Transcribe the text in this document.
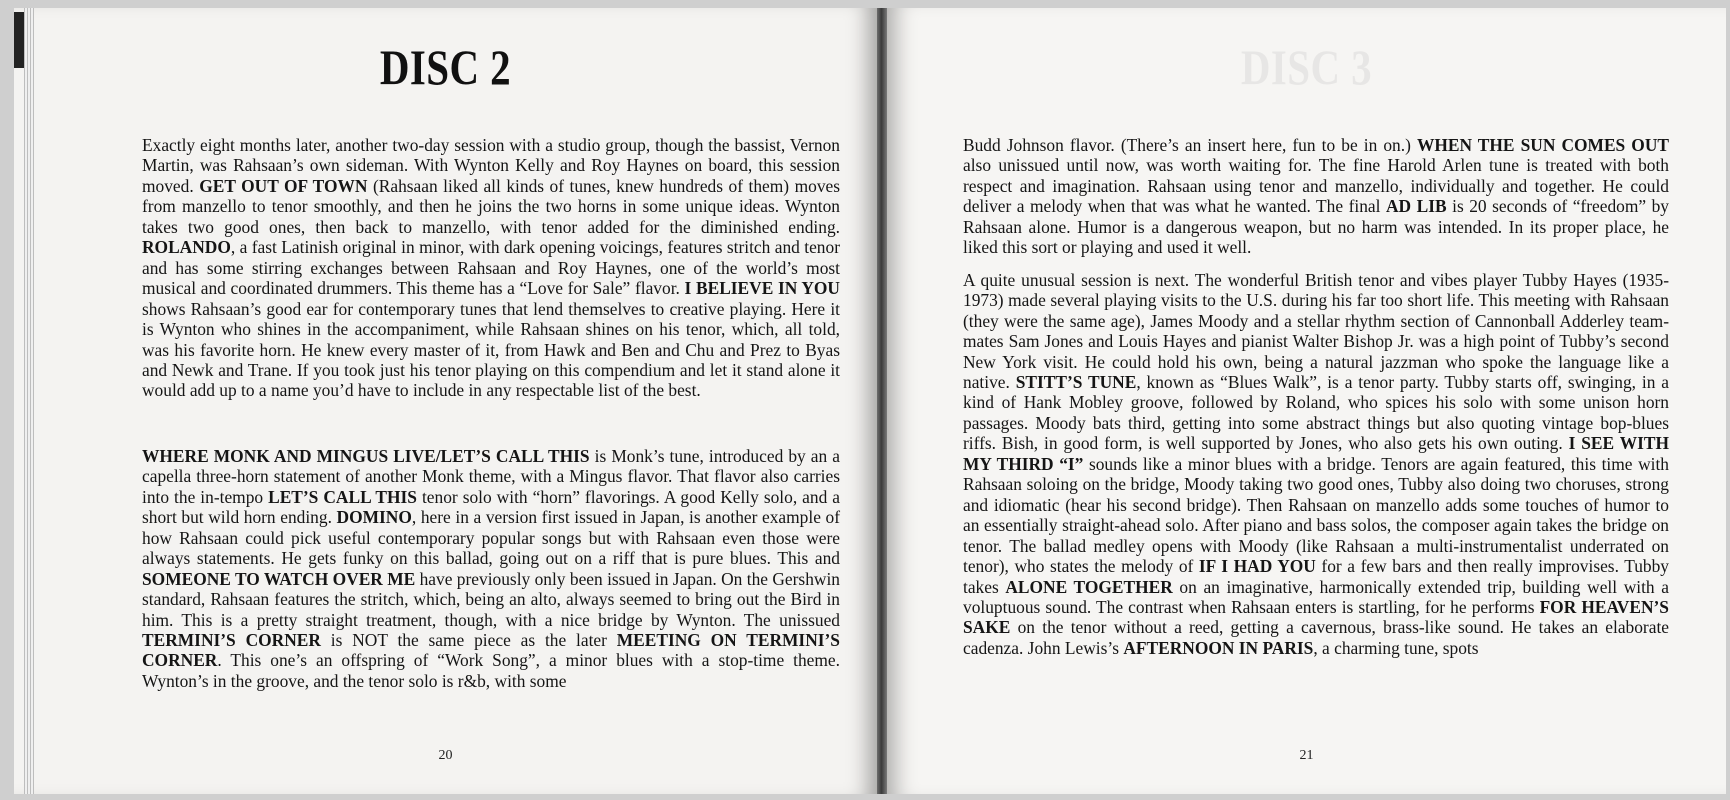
DISC 2

Exactly eight months later, another two-day session with a studio group, though the bassist, Vernon Martin, was Rahsaan’s own sideman. With Wynton Kelly and Roy Haynes on board, this session moved. GET OUT OF TOWN (Rahsaan liked all kinds of tunes, knew hundreds of them) moves from manzello to tenor smoothly, and then he joins the two horns in some unique ideas. Wynton takes two good ones, then back to manzello, with tenor added for the diminished ending. ROLANDO, a fast Latinish original in minor, with dark opening voicings, features stritch and tenor and has some stirring exchanges between Rahsaan and Roy Haynes, one of the world’s most musical and coordinated drummers. This theme has a “Love for Sale” flavor. I BELIEVE IN YOU shows Rahsaan’s good ear for contemporary tunes that lend themselves to creative playing. Here it is Wynton who shines in the accompaniment, while Rahsaan shines on his tenor, which, all told, was his favorite horn. He knew every master of it, from Hawk and Ben and Chu and Prez to Byas and Newk and Trane. If you took just his tenor playing on this compendium and let it stand alone it would add up to a name you’d have to include in any respectable list of the best.

WHERE MONK AND MINGUS LIVE/LET’S CALL THIS is Monk’s tune, introduced by an a capella three-horn statement of another Monk theme, with a Mingus flavor. That flavor also carries into the in-tempo LET’S CALL THIS tenor solo with “horn” flavorings. A good Kelly solo, and a short but wild horn ending. DOMINO, here in a version first issued in Japan, is another example of how Rahsaan could pick useful contemporary popular songs but with Rahsaan even those were always statements. He gets funky on this ballad, going out on a riff that is pure blues. This and SOMEONE TO WATCH OVER ME have previously only been issued in Japan. On the Gershwin standard, Rahsaan features the stritch, which, being an alto, always seemed to bring out the Bird in him. This is a pretty straight treatment, though, with a nice bridge by Wynton. The unissued TERMINI’S CORNER is NOT the same piece as the later MEETING ON TERMINI’S CORNER. This one’s an offspring of “Work Song”, a minor blues with a stop-time theme. Wynton’s in the groove, and the tenor solo is r&b, with some

20
DISC 3

Budd Johnson flavor. (There’s an insert here, fun to be in on.) WHEN THE SUN COMES OUT also unissued until now, was worth waiting for. The fine Harold Arlen tune is treated with both respect and imagination. Rahsaan using tenor and manzello, individually and together. He could deliver a melody when that was what he wanted. The final AD LIB is 20 seconds of “freedom” by Rahsaan alone. Humor is a dangerous weapon, but no harm was intended. In its proper place, he liked this sort or playing and used it well.

A quite unusual session is next. The wonderful British tenor and vibes player Tubby Hayes (1935-1973) made several playing visits to the U.S. during his far too short life. This meeting with Rahsaan (they were the same age), James Moody and a stellar rhythm section of Cannonball Adderley team-mates Sam Jones and Louis Hayes and pianist Walter Bishop Jr. was a high point of Tubby’s second New York visit. He could hold his own, being a natural jazzman who spoke the language like a native. STITT’S TUNE, known as “Blues Walk”, is a tenor party. Tubby starts off, swinging, in a kind of Hank Mobley groove, followed by Roland, who spices his solo with some unison horn passages. Moody bats third, getting into some abstract things but also quoting vintage bop-blues riffs. Bish, in good form, is well supported by Jones, who also gets his own outing. I SEE WITH MY THIRD “I” sounds like a minor blues with a bridge. Tenors are again featured, this time with Rahsaan soloing on the bridge, Moody taking two good ones, Tubby also doing two choruses, strong and idiomatic (hear his second bridge). Then Rahsaan on manzello adds some touches of humor to an essentially straight-ahead solo. After piano and bass solos, the composer again takes the bridge on tenor. The ballad medley opens with Moody (like Rahsaan a multi-instrumentalist underrated on tenor), who states the melody of IF I HAD YOU for a few bars and then really improvises. Tubby takes ALONE TOGETHER on an imaginative, harmonically extended trip, building well with a voluptuous sound. The contrast when Rahsaan enters is startling, for he performs FOR HEAVEN’S SAKE on the tenor without a reed, getting a cavernous, brass-like sound. He takes an elaborate cadenza. John Lewis’s AFTERNOON IN PARIS, a charming tune, spots

21
